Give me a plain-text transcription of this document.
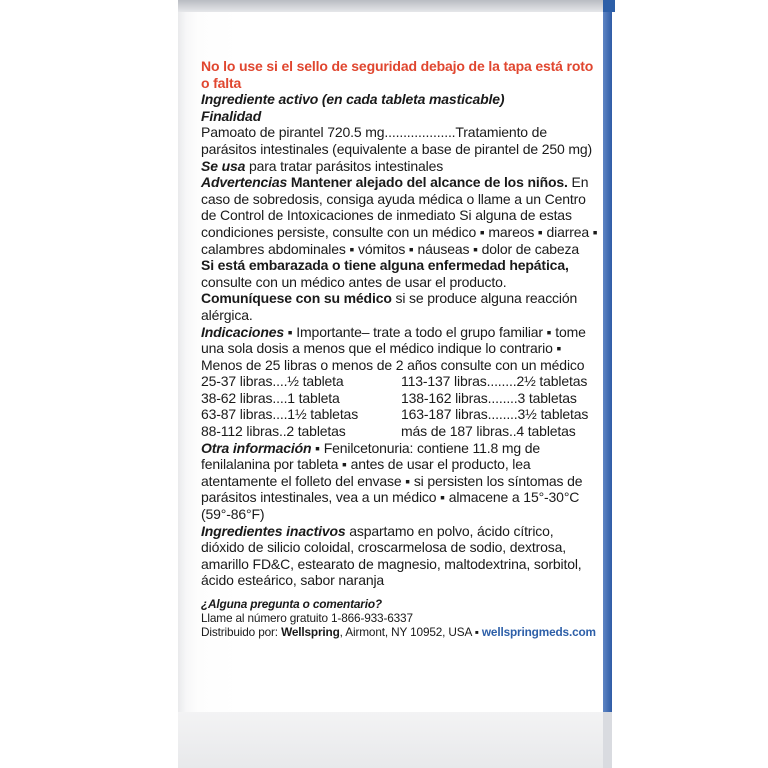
No lo use si el sello de seguridad debajo de la tapa está roto o falta

Ingrediente activo (en cada tableta masticable)

Finalidad

Pamoato de pirantel 720.5 mg...................Tratamiento de parásitos intestinales (equivalente a base de pirantel de 250 mg)

Se usa para tratar parásitos intestinales

Advertencias Mantener alejado del alcance de los niños. En caso de sobredosis, consiga ayuda médica o llame a un Centro de Control de Intoxicaciones de inmediato Si alguna de estas condiciones persiste, consulte con un médico ▪ mareos ▪ diarrea ▪ calambres abdominales ▪ vómitos ▪ náuseas ▪ dolor de cabeza

Si está embarazada o tiene alguna enfermedad hepática, consulte con un médico antes de usar el producto.

Comuníquese con su médico si se produce alguna reacción alérgica.

Indicaciones ▪ Importante– trate a todo el grupo familiar ▪ tome una sola dosis a menos que el médico indique lo contrario ▪ Menos de 25 libras o menos de 2 años consulte con un médico

25-37 libras....½ tableta	113-137 libras........2½ tabletas
38-62 libras....1 tableta	138-162 libras........3 tabletas
63-87 libras....1½ tabletas	163-187 libras........3½ tabletas
88-112 libras..2 tabletas	más de 187 libras..4 tabletas

Otra información ▪ Fenilcetonuria: contiene 11.8 mg de fenilalanina por tableta ▪ antes de usar el producto, lea atentamente el folleto del envase ▪ si persisten los síntomas de parásitos intestinales, vea a un médico ▪ almacene a 15°-30°C (59°-86°F)

Ingredientes inactivos aspartamo en polvo, ácido cítrico, dióxido de silicio coloidal, croscarmelosa de sodio, dextrosa, amarillo FD&C, estearato de magnesio, maltodextrina, sorbitol, ácido esteárico, sabor naranja

¿Alguna pregunta o comentario?

Llame al número gratuito 1-866-933-6337

Distribuido por: Wellspring, Airmont, NY 10952, USA ▪ wellspringmeds.com
